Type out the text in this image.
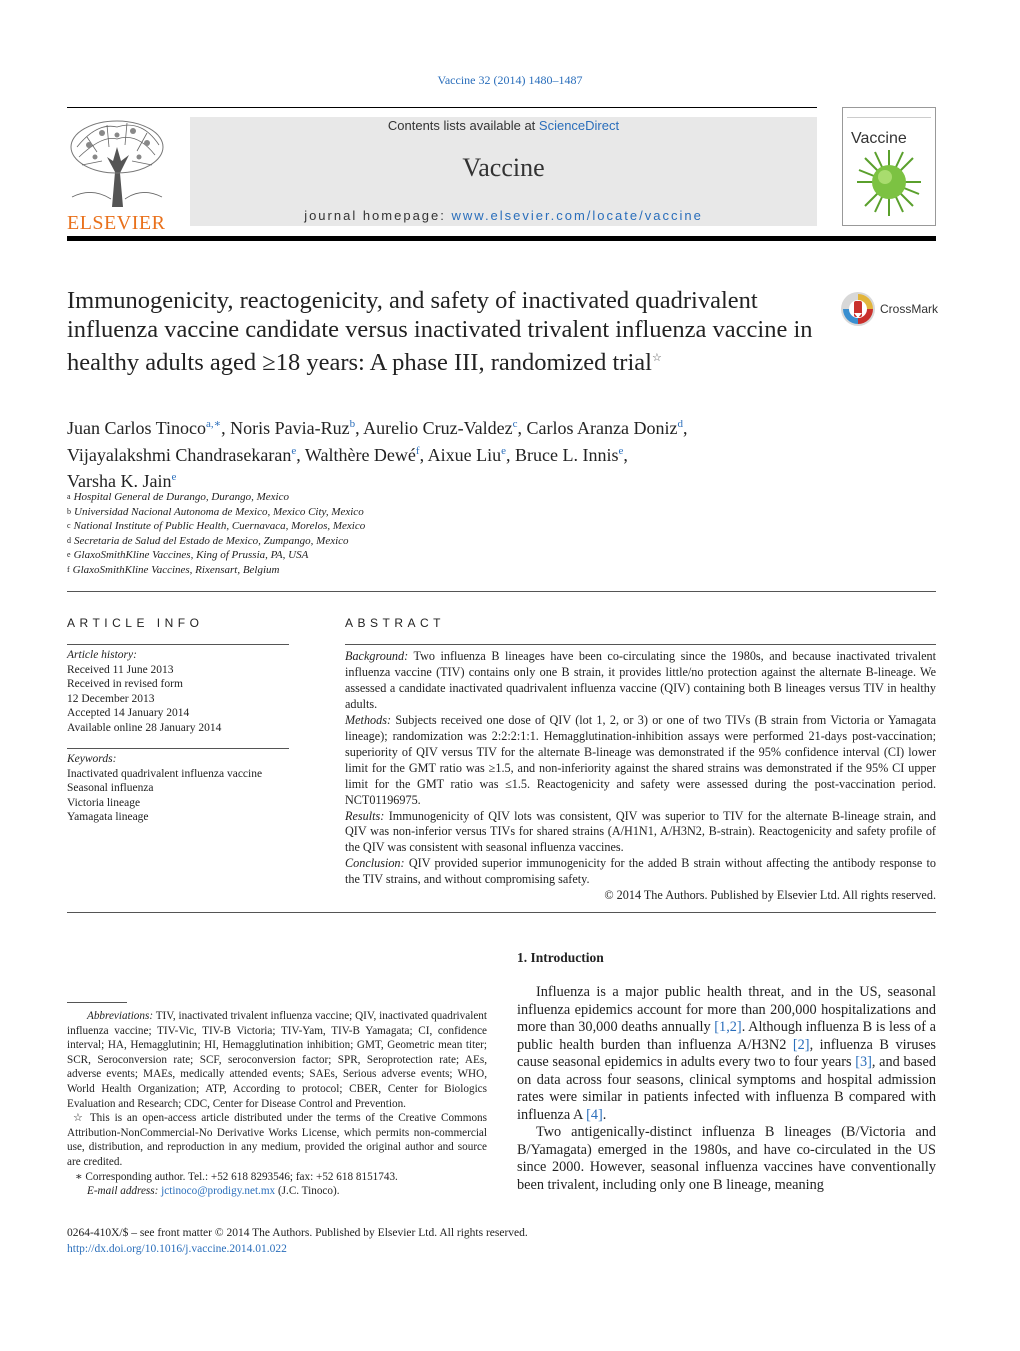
Vaccine 32 (2014) 1480–1487
ELSEVIER
Contents lists available at ScienceDirect
Vaccine
journal homepage: www.elsevier.com/locate/vaccine
Vaccine
Immunogenicity, reactogenicity, and safety of inactivated quadrivalent influenza vaccine candidate versus inactivated trivalent influenza vaccine in healthy adults aged ≥18 years: A phase III, randomized trial☆
CrossMark
Juan Carlos Tinoco$^{a,∗}$, Noris Pavia-Ruz$^b$, Aurelio Cruz-Valdez$^c$, Carlos Aranza Doniz$^d$,
Vijayalakshmi Chandrasekaran$^e$, Walthère Dewé$^f$, Aixue Liu$^e$, Bruce L. Innis$^e$,
Varsha K. Jain$^e$
$^a$ Hospital General de Durango, Durango, Mexico
$^b$ Universidad Nacional Autonoma de Mexico, Mexico City, Mexico
$^c$ National Institute of Public Health, Cuernavaca, Morelos, Mexico
$^d$ Secretaria de Salud del Estado de Mexico, Zumpango, Mexico
$^e$ GlaxoSmithKline Vaccines, King of Prussia, PA, USA
$^f$ GlaxoSmithKline Vaccines, Rixensart, Belgium
ARTICLE INFO
Article history:
Received 11 June 2013
Received in revised form
12 December 2013
Accepted 14 January 2014
Available online 28 January 2014
Keywords:
Inactivated quadrivalent influenza vaccine
Seasonal influenza
Victoria lineage
Yamagata lineage
ABSTRACT
Background: Two influenza B lineages have been co-circulating since the 1980s, and because inactivated trivalent influenza vaccine (TIV) contains only one B strain, it provides little/no protection against the alternate B-lineage. We assessed a candidate inactivated quadrivalent influenza vaccine (QIV) containing both B lineages versus TIV in healthy adults.
Methods: Subjects received one dose of QIV (lot 1, 2, or 3) or one of two TIVs (B strain from Victoria or Yamagata lineage); randomization was 2:2:2:1:1. Hemagglutination-inhibition assays were performed 21-days post-vaccination; superiority of QIV versus TIV for the alternate B-lineage was demonstrated if the 95% confidence interval (CI) lower limit for the GMT ratio was ≥1.5, and non-inferiority against the shared strains was demonstrated if the 95% CI upper limit for the GMT ratio was ≤1.5. Reactogenicity and safety were assessed during the post-vaccination period. NCT01196975.
Results: Immunogenicity of QIV lots was consistent, QIV was superior to TIV for the alternate B-lineage strain, and QIV was non-inferior versus TIVs for shared strains (A/H1N1, A/H3N2, B-strain). Reactogenicity and safety profile of the QIV was consistent with seasonal influenza vaccines.
Conclusion: QIV provided superior immunogenicity for the added B strain without affecting the antibody response to the TIV strains, and without compromising safety.
© 2014 The Authors. Published by Elsevier Ltd. All rights reserved.
1. Introduction

Influenza is a major public health threat, and in the US, seasonal influenza epidemics account for more than 200,000 hospitalizations and more than 30,000 deaths annually [1,2]. Although influenza B is less of a public health burden than influenza A/H3N2 [2], influenza B viruses cause seasonal epidemics in adults every two to four years [3], and based on data across four seasons, clinical symptoms and hospital admission rates were similar in patients infected with influenza B compared with influenza A [4].

Two antigenically-distinct influenza B lineages (B/Victoria and B/Yamagata) emerged in the 1980s, and have co-circulated in the US since 2000. However, seasonal influenza vaccines have conventionally been trivalent, including only one B lineage, meaning

Abbreviations: TIV, inactivated trivalent influenza vaccine; QIV, inactivated quadrivalent influenza vaccine; TIV-Vic, TIV-B Victoria; TIV-Yam, TIV-B Yamagata; CI, confidence interval; HA, Hemagglutinin; HI, Hemagglutination inhibition; GMT, Geometric mean titer; SCR, Seroconversion rate; SCF, seroconversion factor; SPR, Seroprotection rate; AEs, adverse events; MAEs, medically attended events; SAEs, Serious adverse events; WHO, World Health Organization; ATP, According to protocol; CBER, Center for Biologics Evaluation and Research; CDC, Center for Disease Control and Prevention.

☆ This is an open-access article distributed under the terms of the Creative Commons Attribution-NonCommercial-No Derivative Works License, which permits non-commercial use, distribution, and reproduction in any medium, provided the original author and source are credited.

∗ Corresponding author. Tel.: +52 618 8293546; fax: +52 618 8151743.

E-mail address: jctinoco@prodigy.net.mx (J.C. Tinoco).

0264-410X/$ – see front matter © 2014 The Authors. Published by Elsevier Ltd. All rights reserved.
http://dx.doi.org/10.1016/j.vaccine.2014.01.022
